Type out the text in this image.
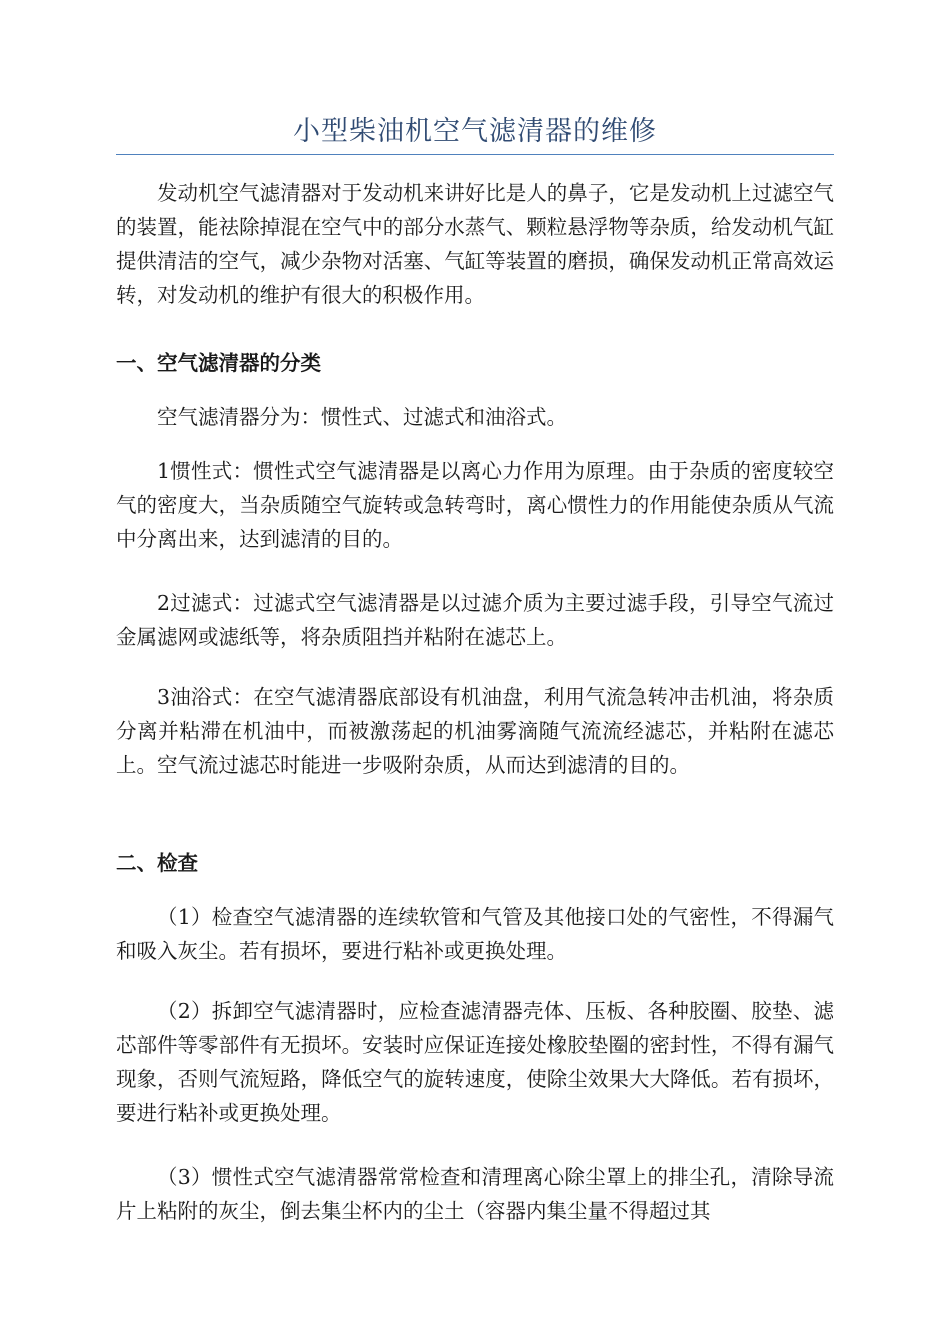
小型柴油机空气滤清器的维修

发动机空气滤清器对于发动机来讲好比是人的鼻子，它是发动机上过滤空气的装置，能祛除掉混在空气中的部分水蒸气、颗粒悬浮物等杂质，给发动机气缸提供清洁的空气，减少杂物对活塞、气缸等装置的磨损，确保发动机正常高效运转，对发动机的维护有很大的积极作用。

一、空气滤清器的分类

空气滤清器分为：惯性式、过滤式和油浴式。

1惯性式：惯性式空气滤清器是以离心力作用为原理。由于杂质的密度较空气的密度大，当杂质随空气旋转或急转弯时，离心惯性力的作用能使杂质从气流中分离出来，达到滤清的目的。

2过滤式：过滤式空气滤清器是以过滤介质为主要过滤手段，引导空气流过金属滤网或滤纸等，将杂质阻挡并粘附在滤芯上。

3油浴式：在空气滤清器底部设有机油盘，利用气流急转冲击机油，将杂质分离并粘滞在机油中，而被激荡起的机油雾滴随气流流经滤芯，并粘附在滤芯上。空气流过滤芯时能进一步吸附杂质，从而达到滤清的目的。

二、检查

（1）检查空气滤清器的连续软管和气管及其他接口处的气密性，不得漏气和吸入灰尘。若有损坏，要进行粘补或更换处理。

（2）拆卸空气滤清器时，应检查滤清器壳体、压板、各种胶圈、胶垫、滤芯部件等零部件有无损坏。安装时应保证连接处橡胶垫圈的密封性，不得有漏气现象，否则气流短路，降低空气的旋转速度，使除尘效果大大降低。若有损坏，要进行粘补或更换处理。

（3）惯性式空气滤清器常常检查和清理离心除尘罩上的排尘孔，清除导流片上粘附的灰尘，倒去集尘杯内的尘土（容器内集尘量不得超过其
